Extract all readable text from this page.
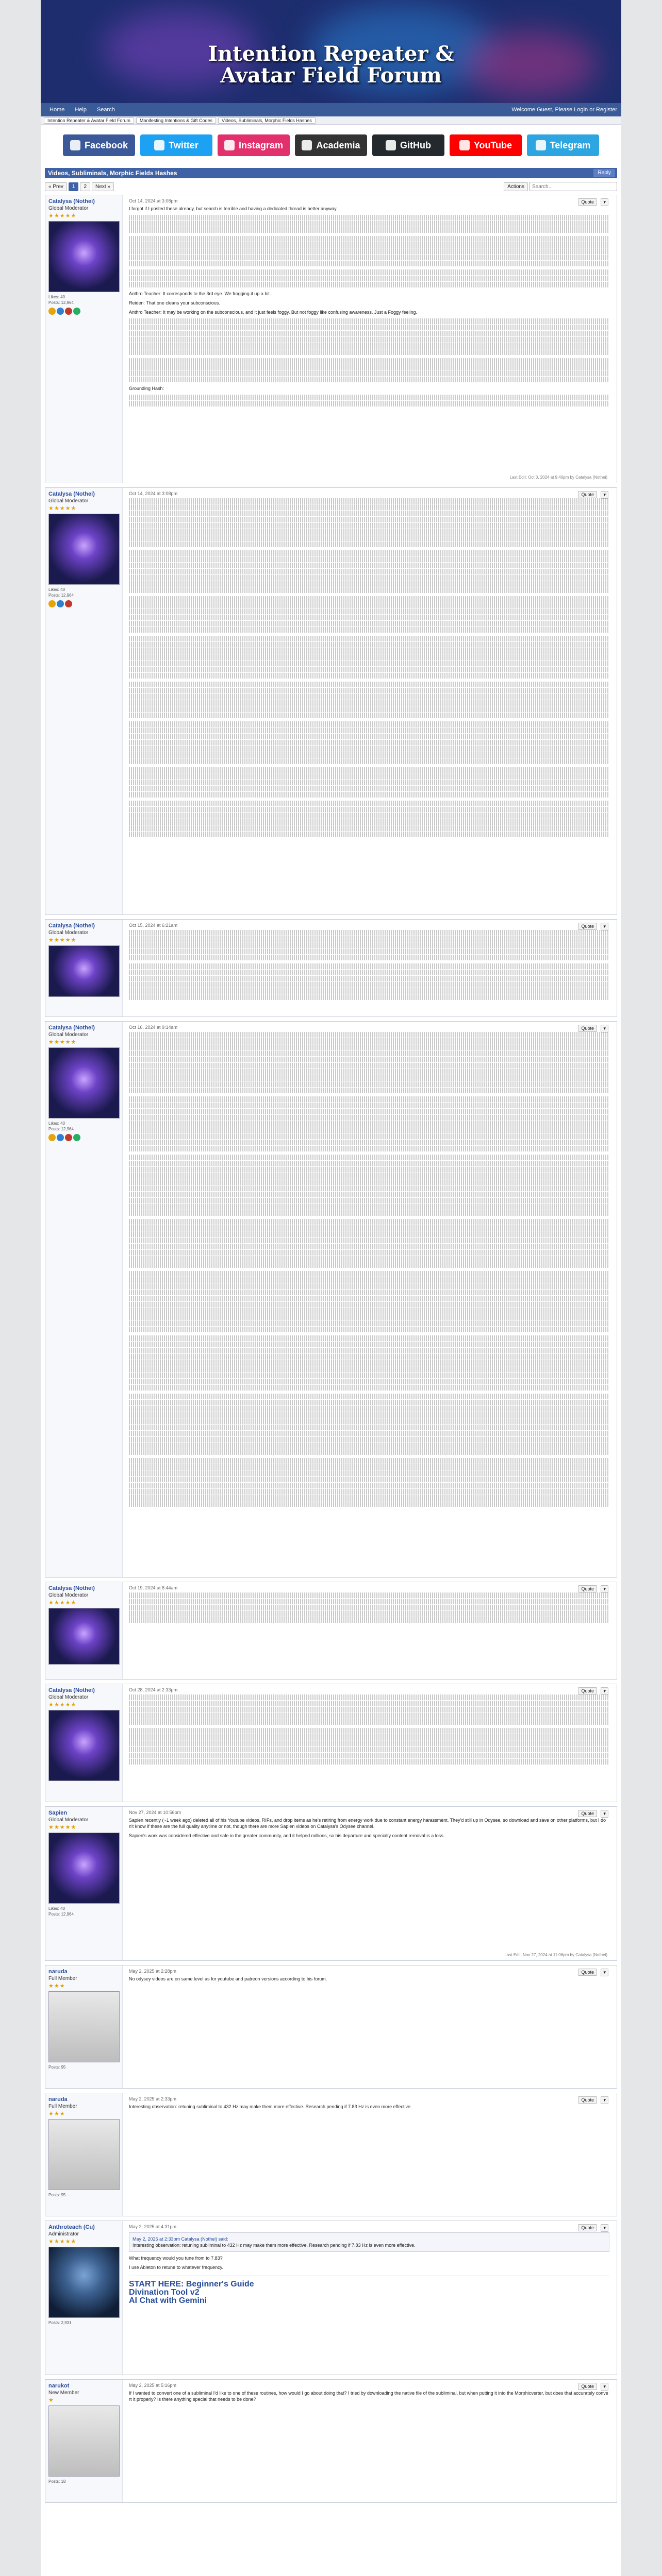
Intention Repeater &
Avatar Field Forum
Home	Help	Search	Welcome Guest, Please Login or Register
Intention Repeater & Avatar Field Forum	Manifesting Intentions & Gift Codes	Videos, Subliminals, Morphic Fields Hashes
Facebook	Twitter	Instagram	Academia	GitHub	YouTube	Telegram
Videos, Subliminals, Morphic Fields Hashes	Reply
« Prev	1	2	Next »	Actions
Search...
Catalysa (Nothei)
Global Moderator
★★★★★
Likes: 40
Posts: 12,964
Oct 14, 2024 at 3:08pm	Quote	▾

I forgot if I posted these already, but search is terrible and having a dedicated thread is better anyway.

Anthro Teacher: It corresponds to the 3rd eye. We frogging it up a bit.

Reiden: That one cleans your subconscious.

Anthro Teacher: It may be working on the subconscious, and it just feels foggy. But not foggy like confusing awareness. Just a Foggy feeling.

Grounding Hash:

Last Edit: Oct 3, 2024 at 9:40pm by Catalysa (Nothei)
Catalysa (Nothei)
Global Moderator
★★★★★
Likes: 40
Posts: 12,964
Oct 14, 2024 at 3:08pm	Quote	▾

Catalysa (Nothei)
Global Moderator
★★★★★
Oct 15, 2024 at 6:21am	Quote	▾

Catalysa (Nothei)
Global Moderator
★★★★★
Likes: 40
Posts: 12,964
Oct 16, 2024 at 9:14am	Quote	▾

Catalysa (Nothei)
Global Moderator
★★★★★
Oct 19, 2024 at 8:44am	Quote	▾
Catalysa (Nothei)
Global Moderator
★★★★★
Oct 28, 2024 at 2:33pm	Quote	▾

Sapien
Global Moderator
★★★★★
Likes: 40
Posts: 12,964
Nov 27, 2024 at 10:56pm	Quote	▾

Sapien recently (~1 week ago) deleted all of his Youtube videos, RIFs, and drop items as he's retiring from energy work due to constant energy harassment. They'd still up in Odysee, so download and save on other platforms, but I don't know if these are the full quality anytime or not, though there are more Sapien videos on Catalysa's Odysee channel.

Sapien's work was considered effective and safe in the greater community, and it helped millions, so his departure and specialty content removal is a loss.

Last Edit: Nov 27, 2024 at 11:06pm by Catalysa (Nothei)
naruda
Full Member
★★★
Posts: 95
May 2, 2025 at 2:28pm	Quote	▾

No odysey videos are on same level as for youtube and patreon versions according to his forum.

naruda
Full Member
★★★
Posts: 95
May 2, 2025 at 2:33pm	Quote	▾

Interesting observation: retuning subliminal to 432 Hz may make them more effective. Research pending if 7.83 Hz is even more effective.

Anthroteach (Cu)
Administrator
★★★★★
Posts: 2,931
May 2, 2025 at 4:31pm	Quote	▾
May 2, 2025 at 2:33pm Catalysa (Nothei) said:
Interesting observation: retuning subliminal to 432 Hz may make them more effective. Research pending if 7.83 Hz is even more effective.

What frequency would you tune from to 7.83?

I use Ableton to retune to whatever frequency.

START HERE: Beginner's Guide
Divination Tool v2
AI Chat with Gemini
narukot
New Member
★
Posts: 18
May 2, 2025 at 5:16pm	Quote	▾

If I wanted to convert one of a subliminal I'd like to one of these routines, how would I go about doing that? I tried by downloading the native file of the subliminal, but when putting it into the Morphicverter, but does that accurately convert it properly? Is there anything special that needs to be done?
